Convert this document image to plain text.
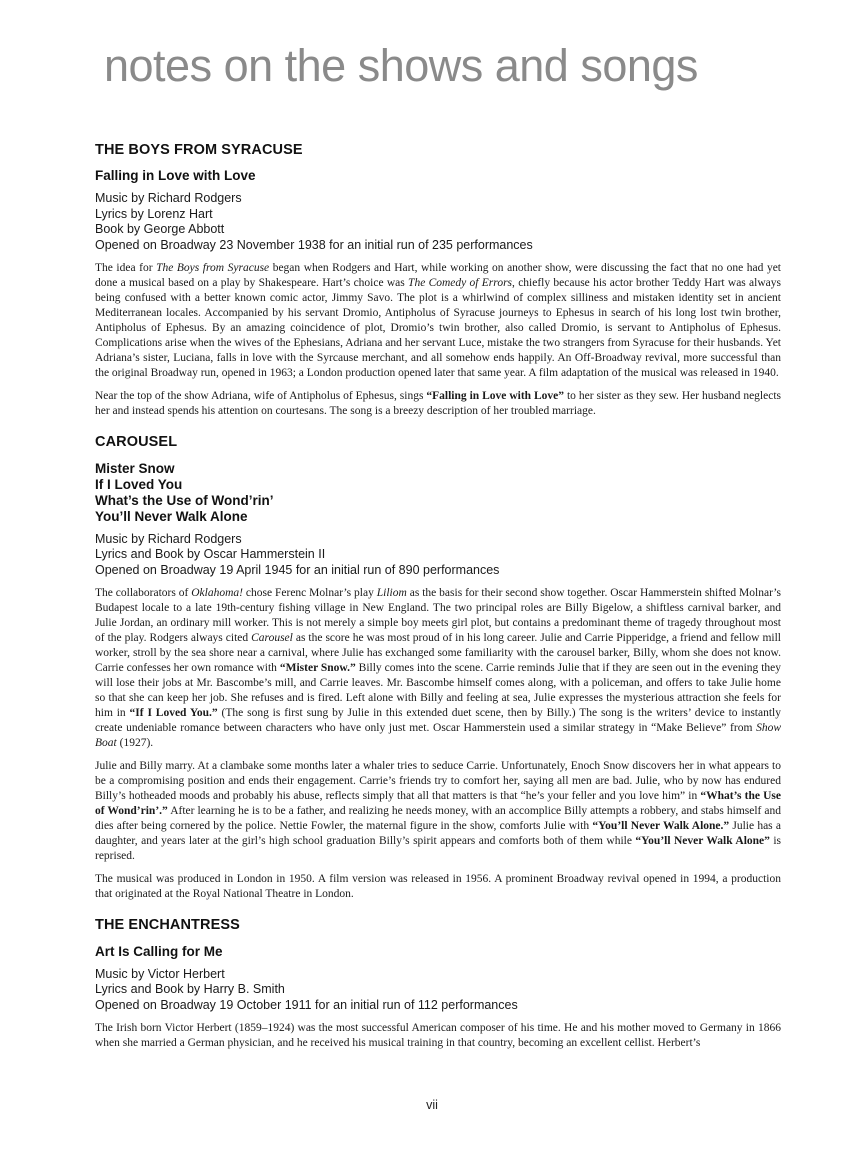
notes on the shows and songs
THE BOYS FROM SYRACUSE
Falling in Love with Love
Music by Richard Rodgers
Lyrics by Lorenz Hart
Book by George Abbott
Opened on Broadway 23 November 1938 for an initial run of 235 performances

The idea for The Boys from Syracuse began when Rodgers and Hart, while working on another show, were discussing the fact that no one had yet done a musical based on a play by Shakespeare. Hart’s choice was The Comedy of Errors, chiefly because his actor brother Teddy Hart was always being confused with a better known comic actor, Jimmy Savo. The plot is a whirlwind of complex silliness and mistaken identity set in ancient Mediterranean locales. Accompanied by his servant Dromio, Antipholus of Syracuse journeys to Ephesus in search of his long lost twin brother, Antipholus of Ephesus. By an amazing coincidence of plot, Dromio’s twin brother, also called Dromio, is servant to Antipholus of Ephesus. Complications arise when the wives of the Ephesians, Adriana and her servant Luce, mistake the two strangers from Syracuse for their husbands. Yet Adriana’s sister, Luciana, falls in love with the Syrcause merchant, and all somehow ends happily. An Off-Broadway revival, more successful than the original Broadway run, opened in 1963; a London production opened later that same year. A film adaptation of the musical was released in 1940.

Near the top of the show Adriana, wife of Antipholus of Ephesus, sings “Falling in Love with Love” to her sister as they sew. Her husband neglects her and instead spends his attention on courtesans. The song is a breezy description of her troubled marriage.

CAROUSEL
Mister Snow
If I Loved You
What’s the Use of Wond’rin’
You’ll Never Walk Alone
Music by Richard Rodgers
Lyrics and Book by Oscar Hammerstein II
Opened on Broadway 19 April 1945 for an initial run of 890 performances

The collaborators of Oklahoma! chose Ferenc Molnar’s play Liliom as the basis for their second show together. Oscar Hammerstein shifted Molnar’s Budapest locale to a late 19th-century fishing village in New England. The two principal roles are Billy Bigelow, a shiftless carnival barker, and Julie Jordan, an ordinary mill worker. This is not merely a simple boy meets girl plot, but contains a predominant theme of tragedy throughout most of the play. Rodgers always cited Carousel as the score he was most proud of in his long career. Julie and Carrie Pipperidge, a friend and fellow mill worker, stroll by the sea shore near a carnival, where Julie has exchanged some familiarity with the carousel barker, Billy, whom she does not know. Carrie confesses her own romance with “Mister Snow.” Billy comes into the scene. Carrie reminds Julie that if they are seen out in the evening they will lose their jobs at Mr. Bascombe’s mill, and Carrie leaves. Mr. Bascombe himself comes along, with a policeman, and offers to take Julie home so that she can keep her job. She refuses and is fired. Left alone with Billy and feeling at sea, Julie expresses the mysterious attraction she feels for him in “If I Loved You.” (The song is first sung by Julie in this extended duet scene, then by Billy.) The song is the writers’ device to instantly create undeniable romance between characters who have only just met. Oscar Hammerstein used a similar strategy in “Make Believe” from Show Boat (1927).

Julie and Billy marry. At a clambake some months later a whaler tries to seduce Carrie. Unfortunately, Enoch Snow discovers her in what appears to be a compromising position and ends their engagement. Carrie’s friends try to comfort her, saying all men are bad. Julie, who by now has endured Billy’s hotheaded moods and probably his abuse, reflects simply that all that matters is that “he’s your feller and you love him” in “What’s the Use of Wond’rin’.” After learning he is to be a father, and realizing he needs money, with an accomplice Billy attempts a robbery, and stabs himself and dies after being cornered by the police. Nettie Fowler, the maternal figure in the show, comforts Julie with “You’ll Never Walk Alone.” Julie has a daughter, and years later at the girl’s high school graduation Billy’s spirit appears and comforts both of them while “You’ll Never Walk Alone” is reprised.

The musical was produced in London in 1950. A film version was released in 1956. A prominent Broadway revival opened in 1994, a production that originated at the Royal National Theatre in London.

THE ENCHANTRESS
Art Is Calling for Me
Music by Victor Herbert
Lyrics and Book by Harry B. Smith
Opened on Broadway 19 October 1911 for an initial run of 112 performances

The Irish born Victor Herbert (1859–1924) was the most successful American composer of his time. He and his mother moved to Germany in 1866 when she married a German physician, and he received his musical training in that country, becoming an excellent cellist. Herbert’s

vii
